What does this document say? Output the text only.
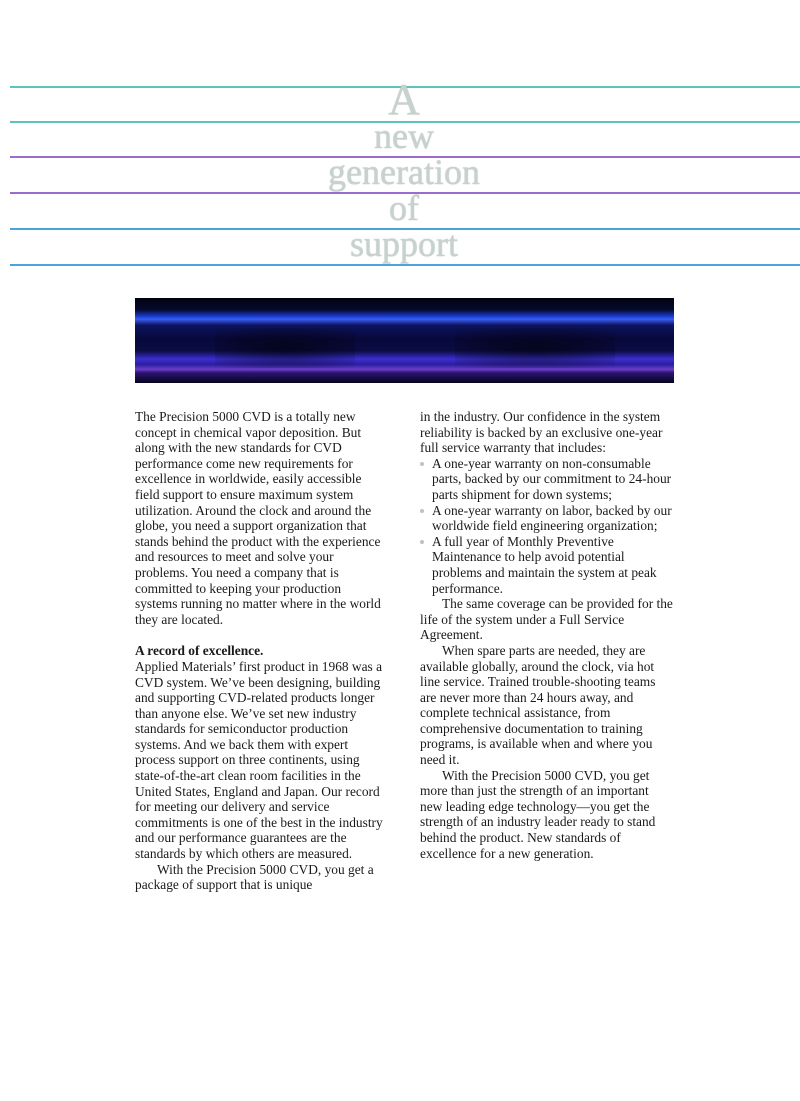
A
new
generation
of
support

The Precision 5000 CVD is a totally new concept in chemical vapor deposition. But along with the new standards for CVD performance come new requirements for excellence in worldwide, easily accessible field support to ensure maximum system utilization. Around the clock and around the globe, you need a support organization that stands behind the product with the experience and resources to meet and solve your problems. You need a company that is committed to keeping your production systems running no matter where in the world they are located.

A record of excellence.

Applied Materials’ first product in 1968 was a CVD system. We’ve been designing, building and supporting CVD-related products longer than anyone else. We’ve set new industry standards for semiconductor production systems. And we back them with expert process support on three continents, using state-of-the-art clean room facilities in the United States, England and Japan. Our record for meeting our delivery and service commitments is one of the best in the industry and our performance guarantees are the standards by which others are measured.

With the Precision 5000 CVD, you get a package of support that is unique

in the industry. Our confidence in the system reliability is backed by an exclusive one-year full service warranty that includes:

A one-year warranty on non-consumable parts, backed by our commitment to 24-hour parts shipment for down systems;
A one-year warranty on labor, backed by our worldwide field engineering organization;
A full year of Monthly Preventive Maintenance to help avoid potential problems and maintain the system at peak performance.

The same coverage can be provided for the life of the system under a Full Service Agreement.

When spare parts are needed, they are available globally, around the clock, via hot line service. Trained trouble-shooting teams are never more than 24 hours away, and complete technical assistance, from comprehensive documentation to training programs, is available when and where you need it.

With the Precision 5000 CVD, you get more than just the strength of an important new leading edge technology—you get the strength of an industry leader ready to stand behind the product. New standards of excellence for a new generation.
